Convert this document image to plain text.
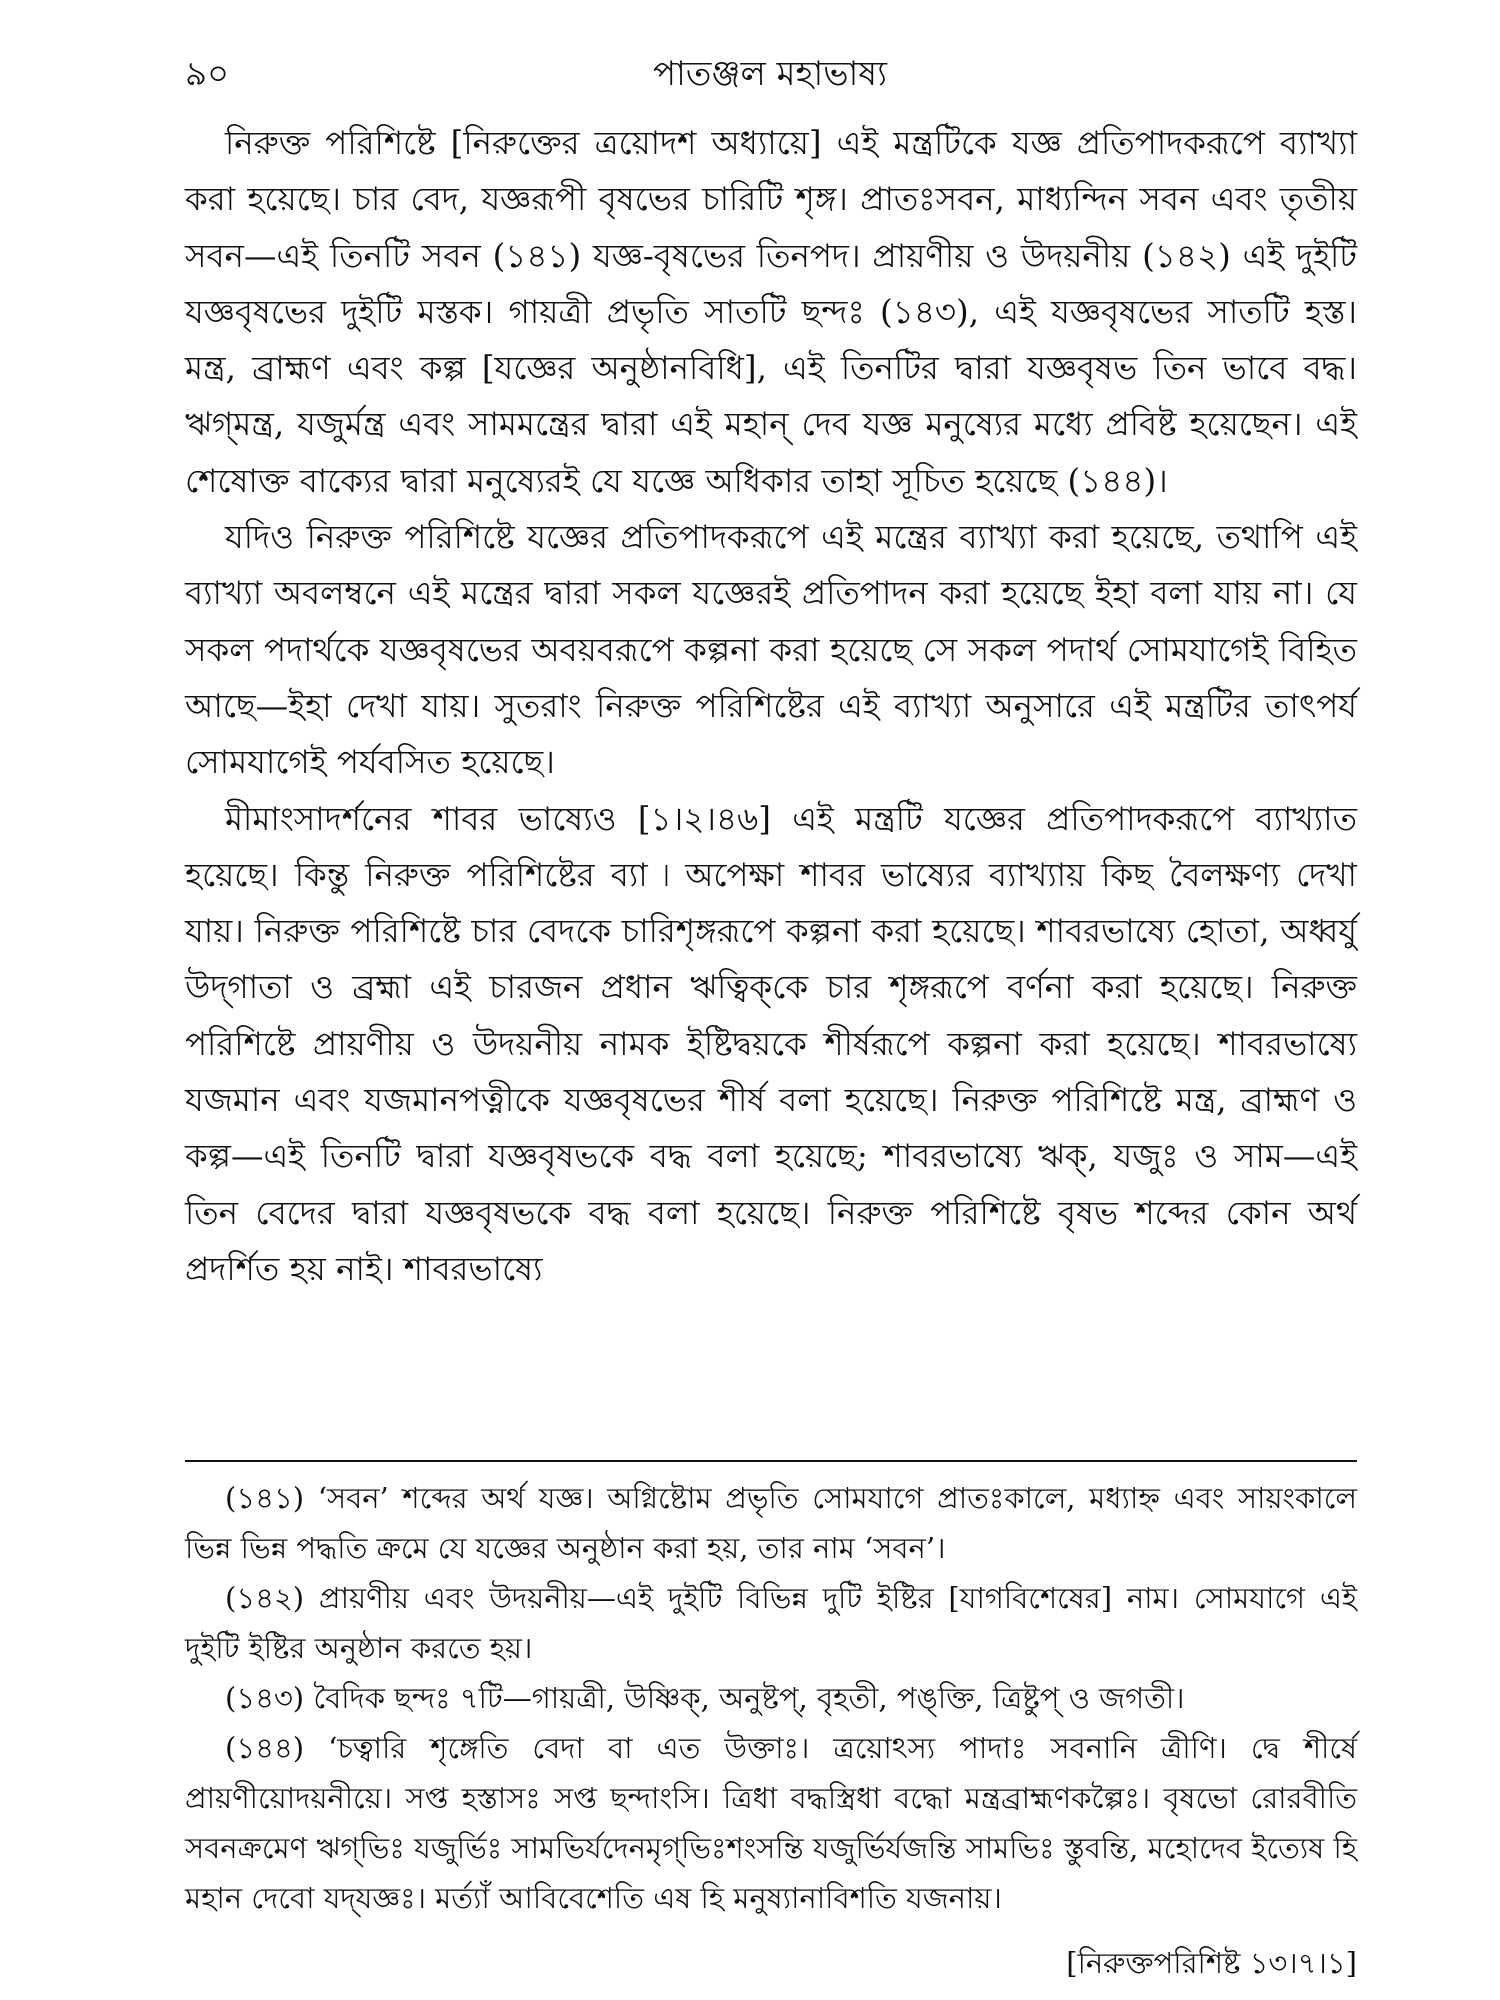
৯০	পাতঞ্জল মহাভাষ্য

নিরুক্ত পরিশিষ্টে [নিরুক্তের ত্রয়োদশ অধ্যায়ে] এই মন্ত্রটিকে যজ্ঞ প্রতিপাদকরূপে ব্যাখ্যা করা হয়েছে। চার বেদ, যজ্ঞরূপী বৃষভের চারিটি শৃঙ্গ। প্রাতঃসবন, মাধ্যন্দিন সবন এবং তৃতীয় সবন—এই তিনটি সবন (১৪১) যজ্ঞ-বৃষভের তিনপদ। প্রায়ণীয় ও উদয়নীয় (১৪২) এই দুইটি যজ্ঞবৃষভের দুইটি মস্তক। গায়ত্রী প্রভৃতি সাতটি ছন্দঃ (১৪৩), এই যজ্ঞবৃষভের সাতটি হস্ত। মন্ত্র, ব্রাহ্মণ এবং কল্প [যজ্ঞের অনুষ্ঠানবিধি], এই তিনটির দ্বারা যজ্ঞবৃষভ তিন ভাবে বদ্ধ। ঋগ্‌মন্ত্র, যজুর্মন্ত্র এবং সামমন্ত্রের দ্বারা এই মহান্‌ দেব যজ্ঞ মনুষ্যের মধ্যে প্রবিষ্ট হয়েছেন। এই শেষোক্ত বাক্যের দ্বারা মনুষ্যেরই যে যজ্ঞে অধিকার তাহা সূচিত হয়েছে (১৪৪)।

যদিও নিরুক্ত পরিশিষ্টে যজ্ঞের প্রতিপাদকরূপে এই মন্ত্রের ব্যাখ্যা করা হয়েছে, তথাপি এই ব্যাখ্যা অবলম্বনে এই মন্ত্রের দ্বারা সকল যজ্ঞেরই প্রতিপাদন করা হয়েছে ইহা বলা যায় না। যে সকল পদার্থকে যজ্ঞবৃষভের অবয়বরূপে কল্পনা করা হয়েছে সে সকল পদার্থ সোমযাগেই বিহিত আছে—ইহা দেখা যায়। সুতরাং নিরুক্ত পরিশিষ্টের এই ব্যাখ্যা অনুসারে এই মন্ত্রটির তাৎপর্য সোমযাগেই পর্যবসিত হয়েছে।

মীমাংসাদর্শনের শাবর ভাষ্যেও [১।২।৪৬] এই মন্ত্রটি যজ্ঞের প্রতিপাদকরূপে ব্যাখ্যাত হয়েছে। কিন্তু নিরুক্ত পরিশিষ্টের ব্যা ৷ অপেক্ষা শাবর ভাষ্যের ব্যাখ্যায় কিছ বৈলক্ষণ্য দেখা যায়। নিরুক্ত পরিশিষ্টে চার বেদকে চারিশৃঙ্গরূপে কল্পনা করা হয়েছে। শাবরভাষ্যে হোতা, অধ্বর্যু উদ্‌গাতা ও ব্রহ্মা এই চারজন প্রধান ঋত্বিক্‌কে চার শৃঙ্গরূপে বর্ণনা করা হয়েছে। নিরুক্ত পরিশিষ্টে প্রায়ণীয় ও উদয়নীয় নামক ইষ্টিদ্বয়কে শীর্ষরূপে কল্পনা করা হয়েছে। শাবরভাষ্যে যজমান এবং যজমানপত্নীকে যজ্ঞবৃষভের শীর্ষ বলা হয়েছে। নিরুক্ত পরিশিষ্টে মন্ত্র, ব্রাহ্মণ ও কল্প—এই তিনটি দ্বারা যজ্ঞবৃষভকে বদ্ধ বলা হয়েছে; শাবরভাষ্যে ঋক্‌, যজুঃ ও সাম—এই তিন বেদের দ্বারা যজ্ঞবৃষভকে বদ্ধ বলা হয়েছে। নিরুক্ত পরিশিষ্টে বৃষভ শব্দের কোন অর্থ প্রদর্শিত হয় নাই। শাবরভাষ্যে

(১৪১) ‘সবন’ শব্দের অর্থ যজ্ঞ। অগ্নিষ্টোম প্রভৃতি সোমযাগে প্রাতঃকালে, মধ্যাহ্ন এবং সায়ংকালে ভিন্ন ভিন্ন পদ্ধতি ক্রমে যে যজ্ঞের অনুষ্ঠান করা হয়, তার নাম ‘সবন’।

(১৪২) প্রায়ণীয় এবং উদয়নীয়—এই দুইটি বিভিন্ন দুটি ইষ্টির [যাগবিশেষের] নাম। সোমযাগে এই দুইটি ইষ্টির অনুষ্ঠান করতে হয়।

(১৪৩) বৈদিক ছন্দঃ ৭টি—গায়ত্রী, উষ্ণিক্‌, অনুষ্টপ্‌, বৃহতী, পঙ্‌ক্তি, ত্রিষ্টুপ্‌ ও জগতী।

(১৪৪) ‘চত্বারি শৃঙ্গেতি বেদা বা এত উক্তাঃ। ত্রয়োঽস্য পাদাঃ সবনানি ত্রীণি। দ্বে শীর্ষে প্রায়ণীয়োদয়নীয়ে। সপ্ত হস্তাসঃ সপ্ত ছন্দাংসি। ত্রিধা বদ্ধস্ত্রিধা বদ্ধো মন্ত্রব্রাহ্মণকল্পৈঃ। বৃষভো রোরবীতি সবনক্রমেণ ঋগ্‌ভিঃ যজুর্ভিঃ সামভির্যদেনমৃগ্‌ভিঃশংসন্তি যজুর্ভির্যজন্তি সামভিঃ স্তুবন্তি, মহোদেব ইত্যেষ হি মহান দেবো যদ্‌যজ্ঞঃ। মর্ত্যাঁ আবিবেশেতি এষ হি মনুষ্যানাবিশতি যজনায়।

[নিরুক্তপরিশিষ্ট ১৩।৭।১]
